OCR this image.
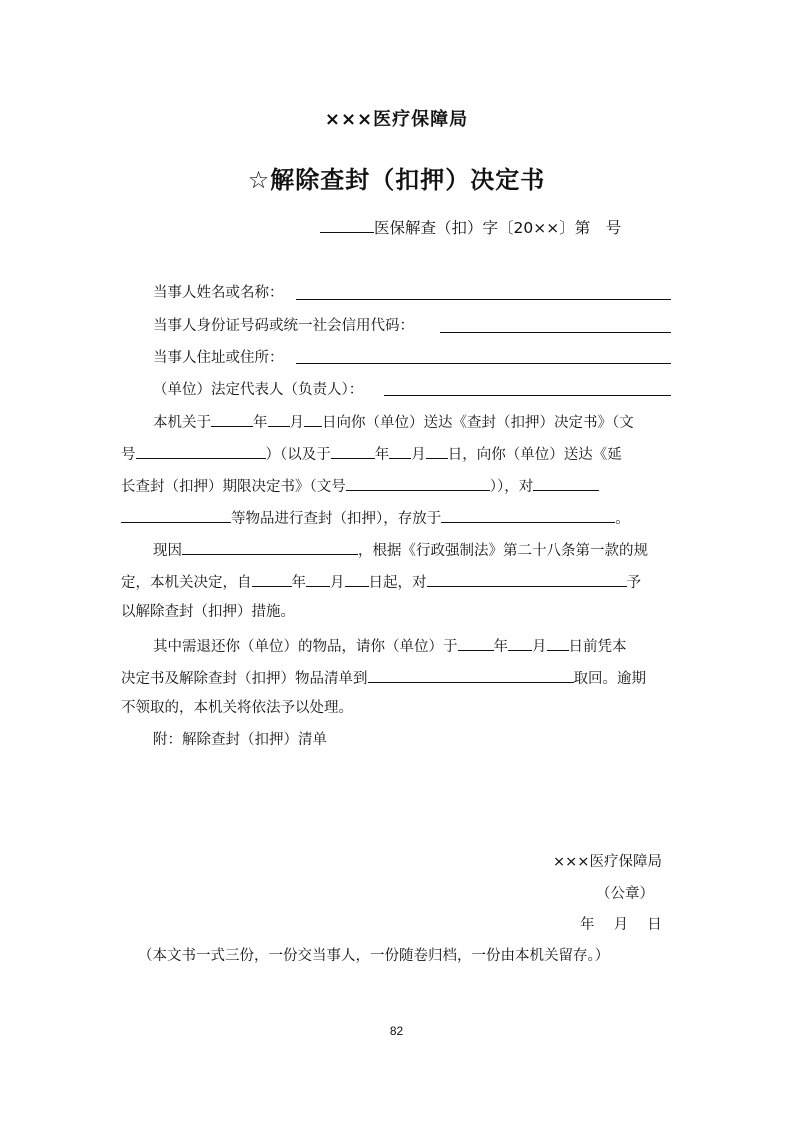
×××医疗保障局
☆解除查封（扣押）决定书
医保解查（扣）字〔20××〕第　号
当事人姓名或名称：
当事人身份证号码或统一社会信用代码：
当事人住址或住所：
（单位）法定代表人（负责人）：
本机关于	年 月 日向你（单位）送达《查封（扣押）决定书》（文
号	）（以及于	年 月 日，向你（单位）送达《延
长查封（扣押）期限决定书》（文号	）），对
等物品进行查封（扣押），存放于	。
现因	，根据《行政强制法》第二十八条第一款的规
定，本机关决定，自	年 月 日起，对	予
以解除查封（扣押）措施。
其中需退还你（单位）的物品，请你（单位）于 年 月 日前凭本
决定书及解除查封（扣押）物品清单到	取回。逾期
不领取的，本机关将依法予以处理。
附：解除查封（扣押）清单
×××医疗保障局
（公章）
年　 月　 日
（本文书一式三份，一份交当事人，一份随卷归档，一份由本机关留存。）
82
